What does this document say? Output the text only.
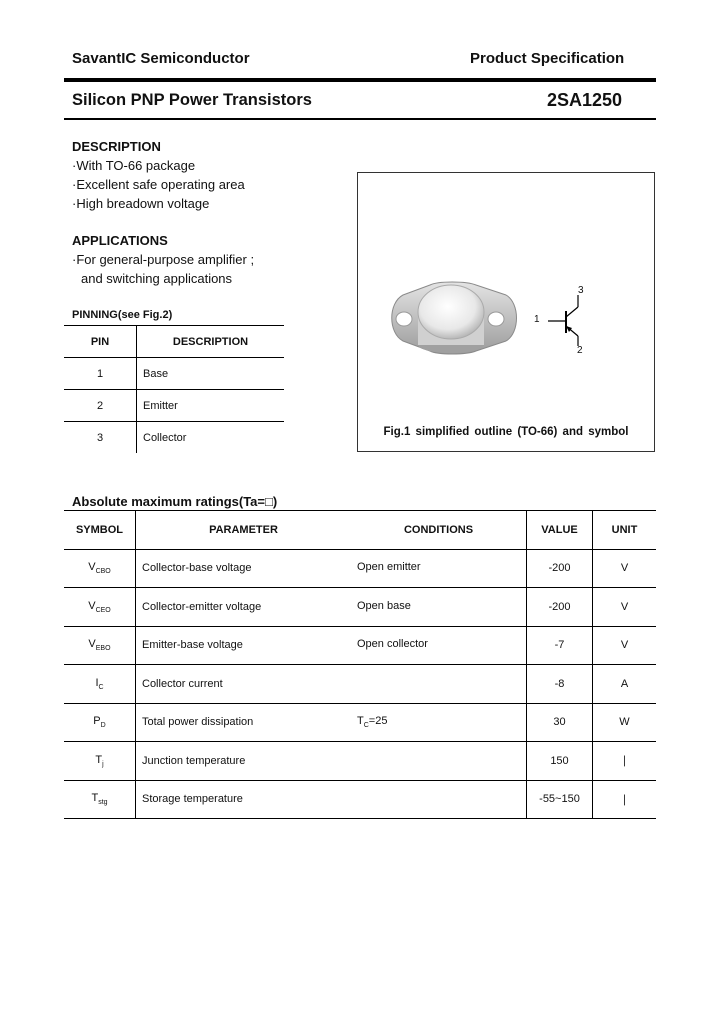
SavantIC Semiconductor	Product Specification
Silicon PNP Power Transistors	2SA1250
DESCRIPTION
·With TO-66 package
·Excellent safe operating area
·High breadown voltage
APPLICATIONS
·For general-purpose amplifier ;
and switching applications
PINNING(see Fig.2)
PIN	DESCRIPTION
1	Base
2	Emitter
3	Collector
1
3
2
Fig.1 simplified outline (TO-66) and symbol
Absolute maximum ratings(Ta=□)
SYMBOL	PARAMETER	CONDITIONS	VALUE	UNIT
$V_{CBO}$	Collector-base voltage	Open emitter	-200	V
$V_{CEO}$	Collector-emitter voltage	Open base	-200	V
$V_{EBO}$	Emitter-base voltage	Open collector	-7	V
$I_C$	Collector current		-8	A
$P_D$	Total power dissipation	$T_C=25$	30	W
$T_j$	Junction temperature		150	∣
$T_{stg}$	Storage temperature		-55~150	∣
